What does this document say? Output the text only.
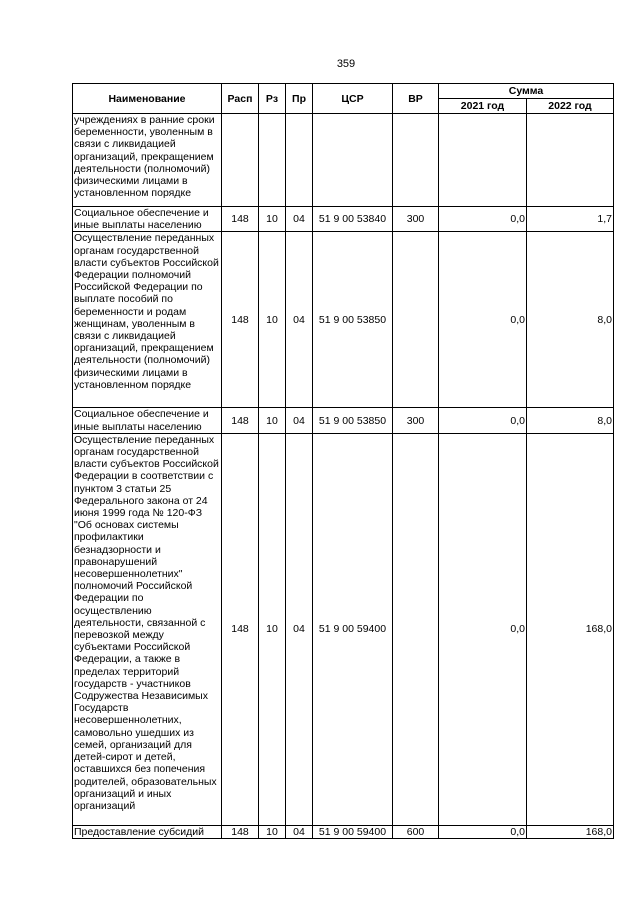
359
Наименование	Расп	Рз	Пр	ЦСР	ВР	Сумма	
						2021 год	2022 год
учреждениях в ранние сроки беременности, уволенным в связи с ликвидацией организаций, прекращением деятельности (полномочий) физическими лицами в установленном порядке							
Социальное обеспечение и иные выплаты населению	148	10	04	51 9 00 53840	300	0,0	1,7
Осуществление переданных органам государственной власти субъектов Российской Федерации полномочий Российской Федерации по выплате пособий по беременности и родам женщинам, уволенным в связи с ликвидацией организаций, прекращением деятельности (полномочий) физическими лицами в установленном порядке	148	10	04	51 9 00 53850		0,0	8,0
Социальное обеспечение и иные выплаты населению	148	10	04	51 9 00 53850	300	0,0	8,0
Осуществление переданных органам государственной власти субъектов Российской Федерации в соответствии с пунктом 3 статьи 25 Федерального закона от 24 июня 1999 года № 120-ФЗ "Об основах системы профилактики безнадзорности и правонарушений несовершеннолетних" полномочий Российской Федерации по осуществлению деятельности, связанной с перевозкой между субъектами Российской Федерации, а также в пределах территорий государств - участников Содружества Независимых Государств несовершеннолетних, самовольно ушедших из семей, организаций для детей-сирот и детей, оставшихся без попечения родителей, образовательных организаций и иных организаций	148	10	04	51 9 00 59400		0,0	168,0
Предоставление субсидий	148	10	04	51 9 00 59400	600	0,0	168,0
